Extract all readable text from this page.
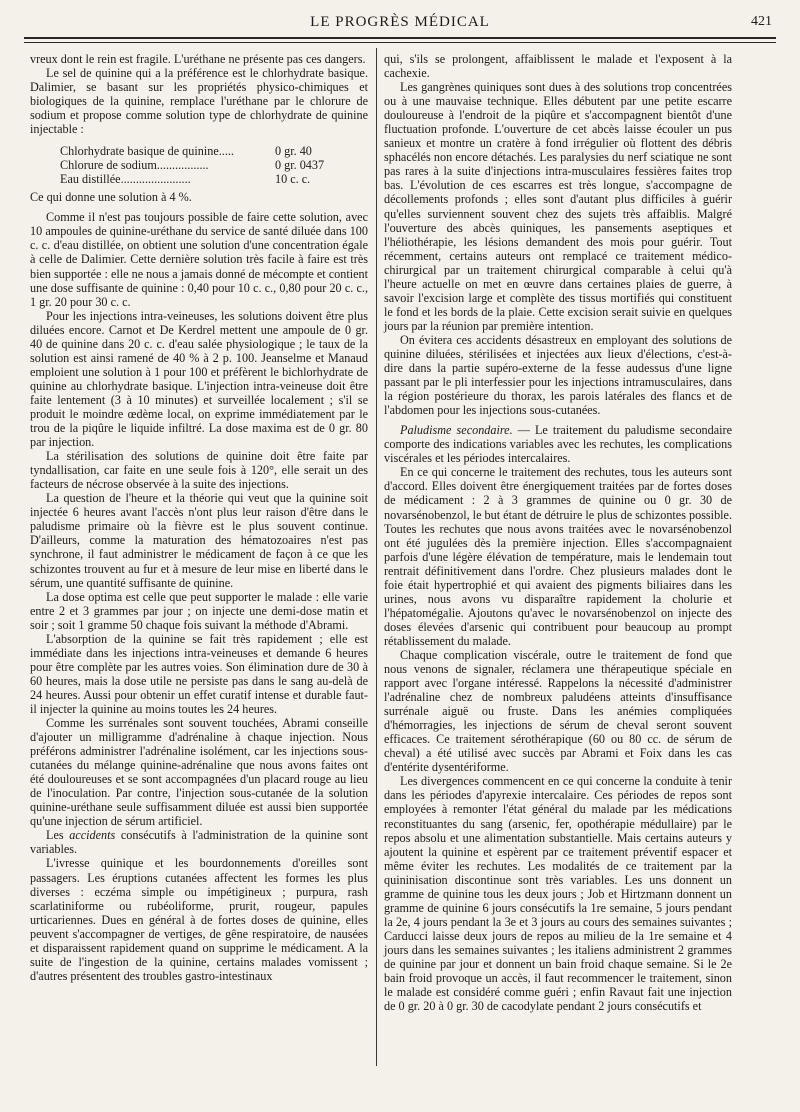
LE PROGRÈS MÉDICAL	421

vreux dont le rein est fragile. L'uréthane ne présente pas ces dangers.

Le sel de quinine qui a la préférence est le chlorhydrate basique. Dalimier, se basant sur les propriétés physico-chimiques et biologiques de la quinine, remplace l'uréthane par le chlorure de sodium et propose comme solution type de chlorhydrate de quinine injectable :

Chlorhydrate basique de quinine.....	0 gr. 40
Chlorure de sodium.................	0 gr. 0437
Eau distillée.......................	10 c. c.

Ce qui donne une solution à 4 %.

Comme il n'est pas toujours possible de faire cette solution, avec 10 ampoules de quinine-uréthane du service de santé diluée dans 100 c. c. d'eau distillée, on obtient une solution d'une concentration égale à celle de Dalimier. Cette dernière solution très facile à faire est très bien supportée : elle ne nous a jamais donné de mécompte et contient une dose suffisante de quinine : 0,40 pour 10 c. c., 0,80 pour 20 c. c., 1 gr. 20 pour 30 c. c.

Pour les injections intra-veineuses, les solutions doivent être plus diluées encore. Carnot et De Kerdrel mettent une ampoule de 0 gr. 40 de quinine dans 20 c. c. d'eau salée physiologique ; le taux de la solution est ainsi ramené de 40 % à 2 p. 100. Jeanselme et Manaud emploient une solution à 1 pour 100 et préfèrent le bichlorhydrate de quinine au chlorhydrate basique. L'injection intra-veineuse doit être faite lentement (3 à 10 minutes) et surveillée localement ; s'il se produit le moindre œdème local, on exprime immédiatement par le trou de la piqûre le liquide infiltré. La dose maxima est de 0 gr. 80 par injection.

La stérilisation des solutions de quinine doit être faite par tyndallisation, car faite en une seule fois à 120°, elle serait un des facteurs de nécrose observée à la suite des injections.

La question de l'heure et la théorie qui veut que la quinine soit injectée 6 heures avant l'accès n'ont plus leur raison d'être dans le paludisme primaire où la fièvre est le plus souvent continue. D'ailleurs, comme la maturation des hématozoaires n'est pas synchrone, il faut administrer le médicament de façon à ce que les schizontes trouvent au fur et à mesure de leur mise en liberté dans le sérum, une quantité suffisante de quinine.

La dose optima est celle que peut supporter le malade : elle varie entre 2 et 3 grammes par jour ; on injecte une demi-dose matin et soir ; soit 1 gramme 50 chaque fois suivant la méthode d'Abrami.

L'absorption de la quinine se fait très rapidement ; elle est immédiate dans les injections intra-veineuses et demande 6 heures pour être complète par les autres voies. Son élimination dure de 30 à 60 heures, mais la dose utile ne persiste pas dans le sang au-delà de 24 heures. Aussi pour obtenir un effet curatif intense et durable faut-il injecter la quinine au moins toutes les 24 heures.

Comme les surrénales sont souvent touchées, Abrami conseille d'ajouter un milligramme d'adrénaline à chaque injection. Nous préférons administrer l'adrénaline isolément, car les injections sous-cutanées du mélange quinine-adrénaline que nous avons faites ont été douloureuses et se sont accompagnées d'un placard rouge au lieu de l'inoculation. Par contre, l'injection sous-cutanée de la solution quinine-uréthane seule suffisamment diluée est aussi bien supportée qu'une injection de sérum artificiel.

Les accidents consécutifs à l'administration de la quinine sont variables.

L'ivresse quinique et les bourdonnements d'oreilles sont passagers. Les éruptions cutanées affectent les formes les plus diverses : eczéma simple ou impétigineux ; purpura, rash scarlatiniforme ou rubéoliforme, prurit, rougeur, papules urticariennes. Dues en général à de fortes doses de quinine, elles peuvent s'accompagner de vertiges, de gêne respiratoire, de nausées et disparaissent rapidement quand on supprime le médicament. A la suite de l'ingestion de la quinine, certains malades vomissent ; d'autres présentent des troubles gastro-intestinaux

qui, s'ils se prolongent, affaiblissent le malade et l'exposent à la cachexie.

Les gangrènes quiniques sont dues à des solutions trop concentrées ou à une mauvaise technique. Elles débutent par une petite escarre douloureuse à l'endroit de la piqûre et s'accompagnent bientôt d'une fluctuation profonde. L'ouverture de cet abcès laisse écouler un pus sanieux et montre un cratère à fond irrégulier où flottent des débris sphacélés non encore détachés. Les paralysies du nerf sciatique ne sont pas rares à la suite d'injections intra-musculaires fessières faites trop bas. L'évolution de ces escarres est très longue, s'accompagne de décollements profonds ; elles sont d'autant plus difficiles à guérir qu'elles surviennent souvent chez des sujets très affaiblis. Malgré l'ouverture des abcès quiniques, les pansements aseptiques et l'héliothérapie, les lésions demandent des mois pour guérir. Tout récemment, certains auteurs ont remplacé ce traitement médico-chirurgical par un traitement chirurgical comparable à celui qu'à l'heure actuelle on met en œuvre dans certaines plaies de guerre, à savoir l'excision large et complète des tissus mortifiés qui constituent le fond et les bords de la plaie. Cette excision serait suivie en quelques jours par la réunion par première intention.

On évitera ces accidents désastreux en employant des solutions de quinine diluées, stérilisées et injectées aux lieux d'élections, c'est-à-dire dans la partie supéro-externe de la fesse audessus d'une ligne passant par le pli interfessier pour les injections intramusculaires, dans la région postérieure du thorax, les parois latérales des flancs et de l'abdomen pour les injections sous-cutanées.

Paludisme secondaire. — Le traitement du paludisme secondaire comporte des indications variables avec les rechutes, les complications viscérales et les périodes intercalaires.

En ce qui concerne le traitement des rechutes, tous les auteurs sont d'accord. Elles doivent être énergiquement traitées par de fortes doses de médicament : 2 à 3 grammes de quinine ou 0 gr. 30 de novarsénobenzol, le but étant de détruire le plus de schizontes possible. Toutes les rechutes que nous avons traitées avec le novarsénobenzol ont été jugulées dès la première injection. Elles s'accompagnaient parfois d'une légère élévation de température, mais le lendemain tout rentrait définitivement dans l'ordre. Chez plusieurs malades dont le foie était hypertrophié et qui avaient des pigments biliaires dans les urines, nous avons vu disparaître rapidement la cholurie et l'hépatomégalie. Ajoutons qu'avec le novarsénobenzol on injecte des doses élevées d'arsenic qui contribuent pour beaucoup au prompt rétablissement du malade.

Chaque complication viscérale, outre le traitement de fond que nous venons de signaler, réclamera une thérapeutique spéciale en rapport avec l'organe intéressé. Rappelons la nécessité d'administrer l'adrénaline chez de nombreux paludéens atteints d'insuffisance surrénale aiguë ou fruste. Dans les anémies compliquées d'hémorragies, les injections de sérum de cheval seront souvent efficaces. Ce traitement sérothérapique (60 ou 80 cc. de sérum de cheval) a été utilisé avec succès par Abrami et Foix dans les cas d'entérite dysentériforme.

Les divergences commencent en ce qui concerne la conduite à tenir dans les périodes d'apyrexie intercalaire. Ces périodes de repos sont employées à remonter l'état général du malade par les médications reconstituantes du sang (arsenic, fer, opothérapie médullaire) par le repos absolu et une alimentation substantielle. Mais certains auteurs y ajoutent la quinine et espèrent par ce traitement préventif espacer et même éviter les rechutes. Les modalités de ce traitement par la quininisation discontinue sont très variables. Les uns donnent un gramme de quinine tous les deux jours ; Job et Hirtzmann donnent un gramme de quinine 6 jours consécutifs la 1re semaine, 5 jours pendant la 2e, 4 jours pendant la 3e et 3 jours au cours des semaines suivantes ; Carducci laisse deux jours de repos au milieu de la 1re semaine et 4 jours dans les semaines suivantes ; les italiens administrent 2 grammes de quinine par jour et donnent un bain froid chaque semaine. Si le 2e bain froid provoque un accès, il faut recommencer le traitement, sinon le malade est considéré comme guéri ; enfin Ravaut fait une injection de 0 gr. 20 à 0 gr. 30 de cacodylate pendant 2 jours consécutifs et
